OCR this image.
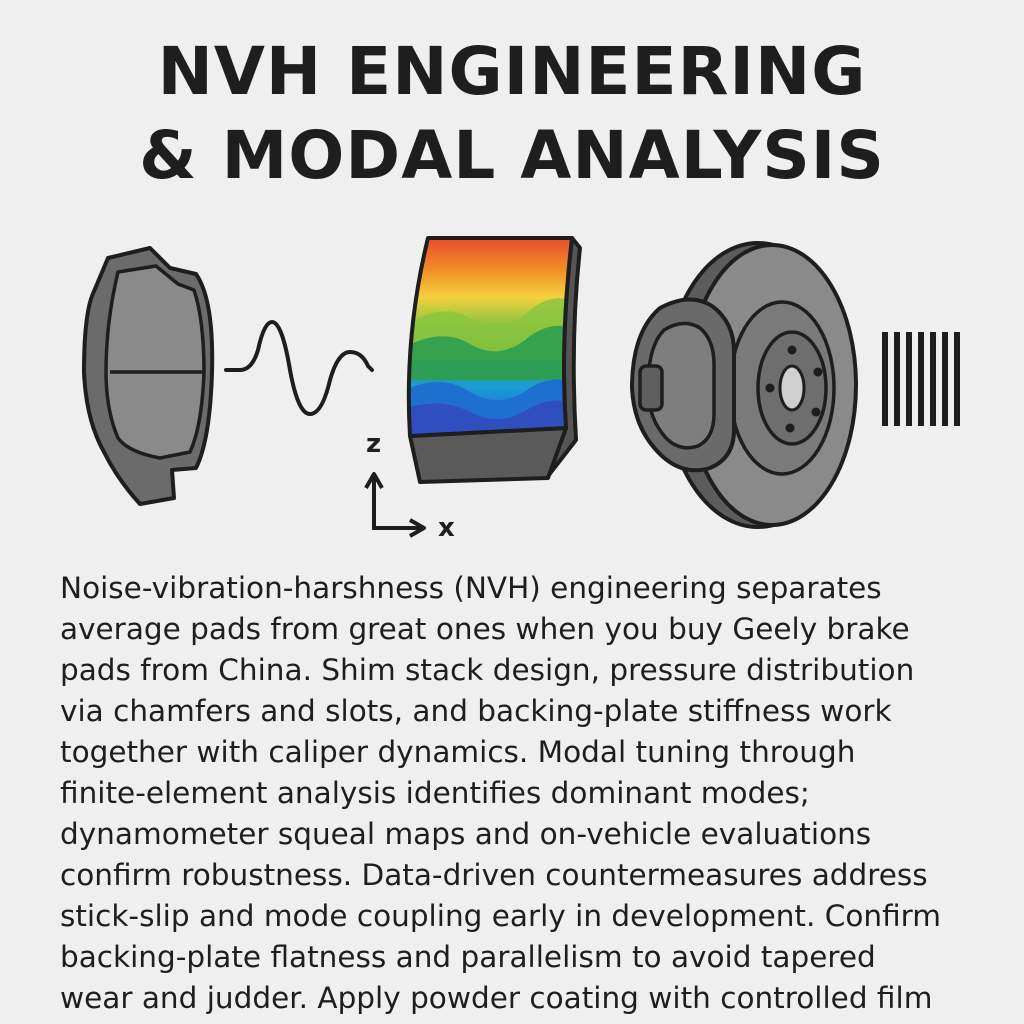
NVH ENGINEERING
& MODAL ANALYSIS
z
x
Noise-vibration-harshness (NVH) engineering separates
average pads from great ones when you buy Geely brake
pads from China. Shim stack design, pressure distribution
via chamfers and slots, and backing-plate stiffness work
together with caliper dynamics. Modal tuning through
finite-element analysis identifies dominant modes;
dynamometer squeal maps and on-vehicle evaluations
confirm robustness. Data-driven countermeasures address
stick-slip and mode coupling early in development. Confirm
backing-plate flatness and parallelism to avoid tapered
wear and judder. Apply powder coating with controlled film
